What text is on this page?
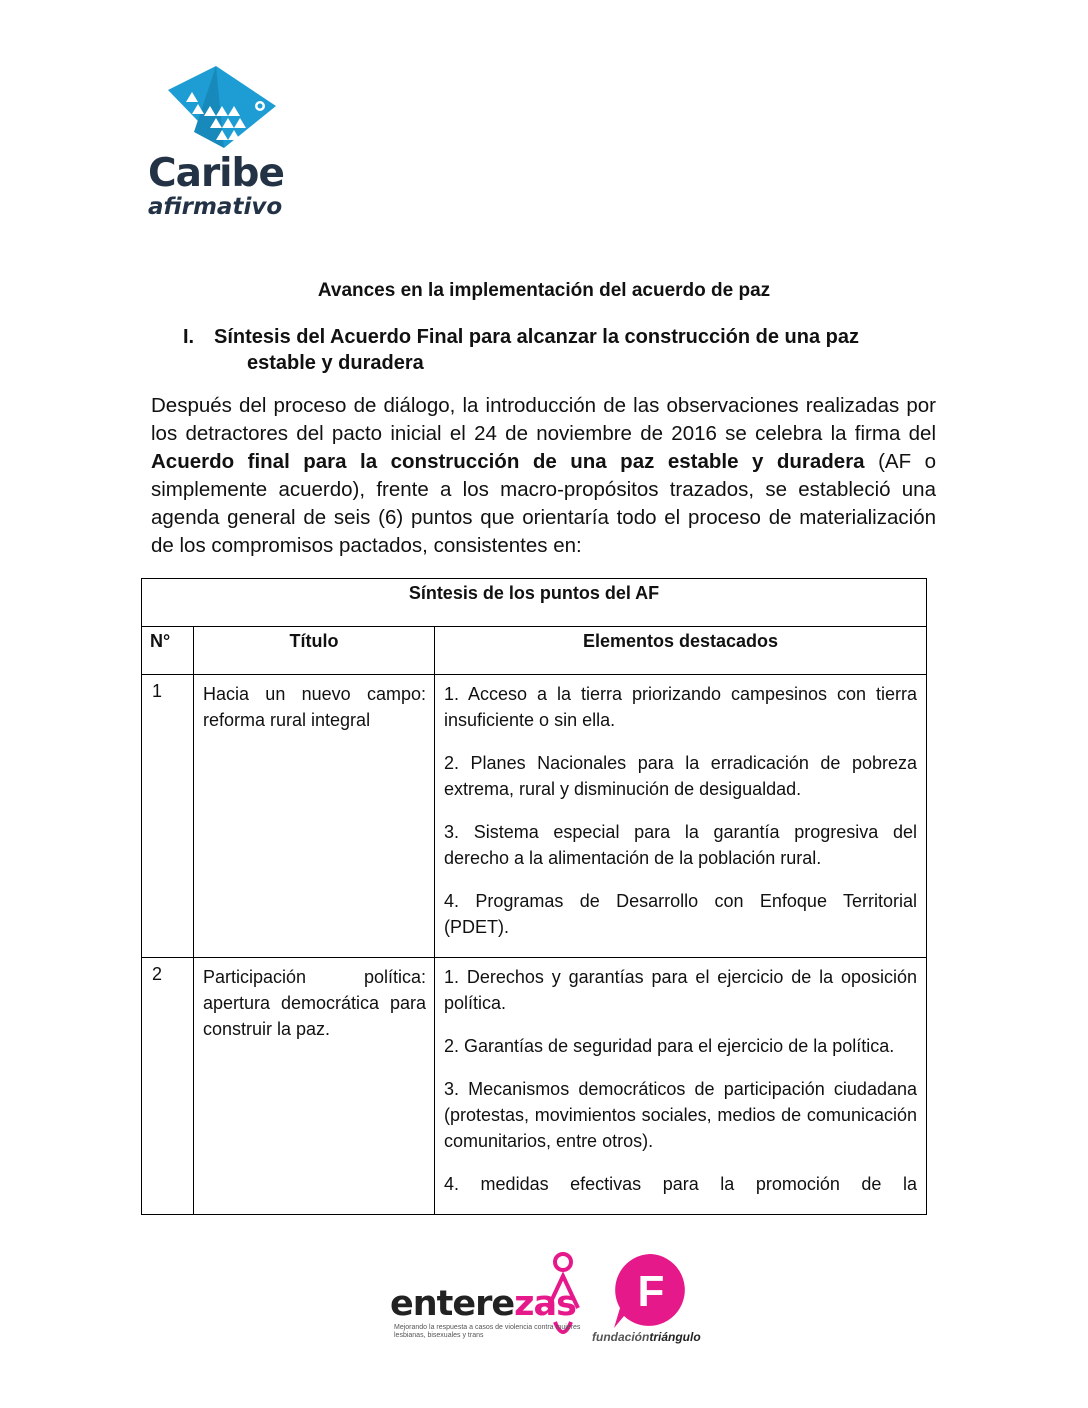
Caribe
afirmativo
Avances en la implementación del acuerdo de paz
I. Síntesis del Acuerdo Final para alcanzar la construcción de una paz
estable y duradera

Después del proceso de diálogo, la introducción de las observaciones realizadas por los detractores del pacto inicial el 24 de noviembre de 2016 se celebra la firma del Acuerdo final para la construcción de una paz estable y duradera (AF o simplemente acuerdo), frente a los macro-propósitos trazados, se estableció una agenda general de seis (6) puntos que orientaría todo el proceso de materialización de los compromisos pactados, consistentes en:

Síntesis de los puntos del AF		
N°	Título	Elementos destacados
1	Hacia un nuevo campo: reforma rural integral	1. Acceso a la tierra priorizando campesinos con tierra insuficiente o sin ella.

2. Planes Nacionales para la erradicación de pobreza extrema, rural y disminución de desigualdad.

3. Sistema especial para la garantía progresiva del derecho a la alimentación de la población rural.

4. Programas de Desarrollo con Enfoque Territorial (PDET).

2	Participación política: apertura democrática para construir la paz.	1. Derechos y garantías para el ejercicio de la oposición política.

2. Garantías de seguridad para el ejercicio de la política.

3. Mecanismos democráticos de participación ciudadana (protestas, movimientos sociales, medios de comunicación comunitarios, entre otros).

4. medidas efectivas para la promoción de la

enterezas
Mejorando la respuesta a casos de violencia contra mujeres lesbianas, bisexuales y trans
F
fundacióntriángulo
